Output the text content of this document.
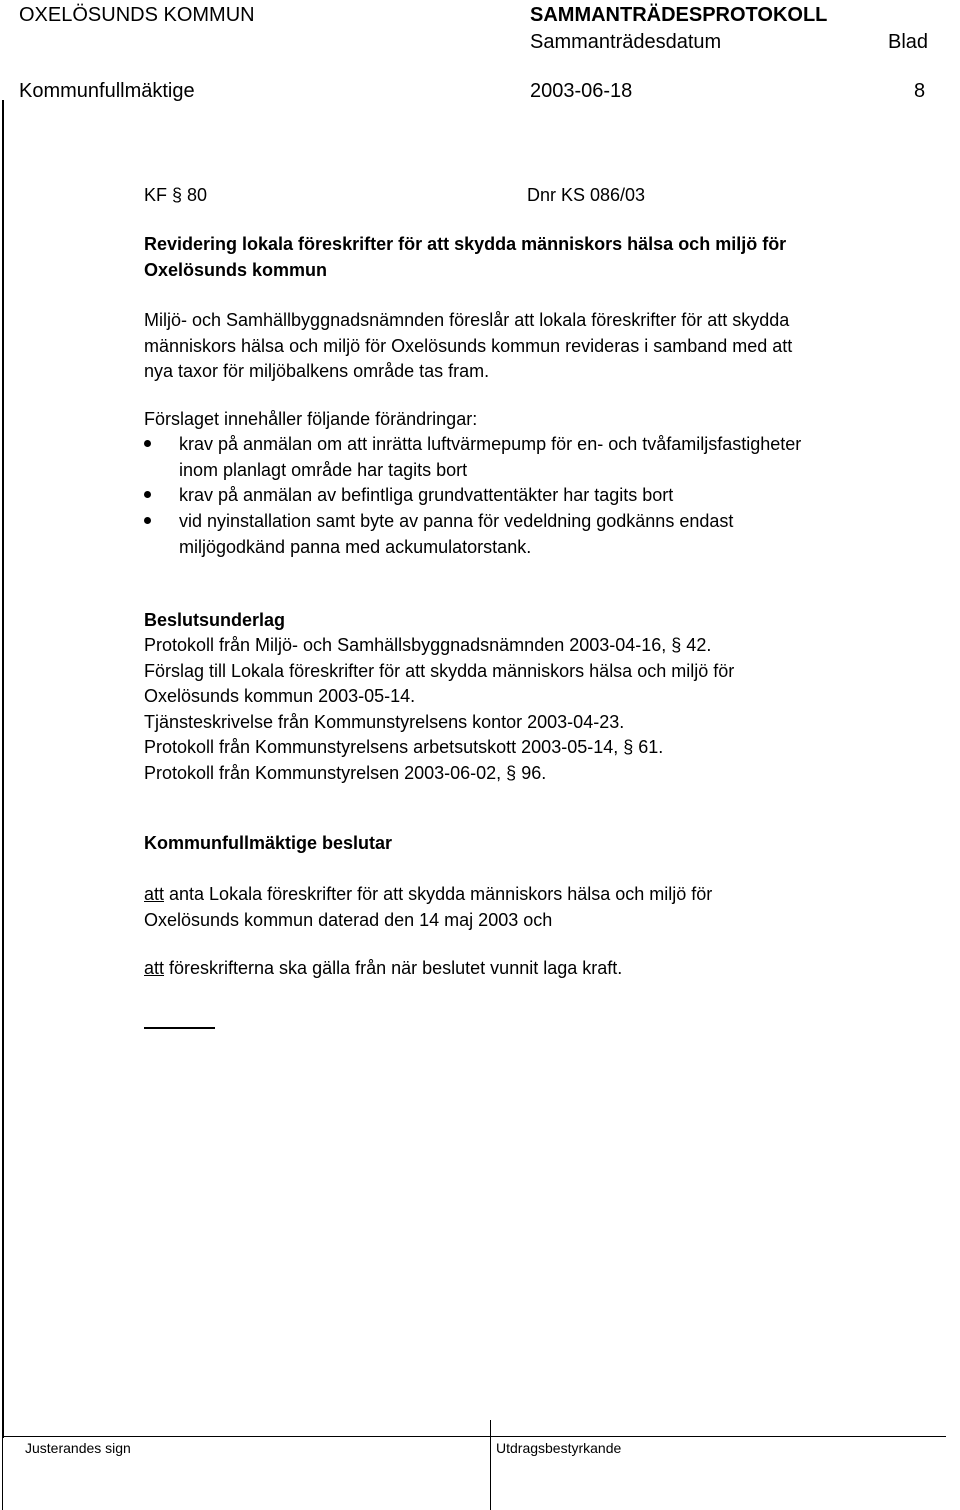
OXELÖSUNDS KOMMUN	SAMMANTRÄDESPROTOKOLL
Sammanträdesdatum	Blad
Kommunfullmäktige	2003-06-18	8
KF § 80	Dnr KS 086/03
Revidering lokala föreskrifter för att skydda människors hälsa och miljö för
Oxelösunds kommun
Miljö- och Samhällbyggnadsnämnden föreslår att lokala föreskrifter för att skydda
människors hälsa och miljö för Oxelösunds kommun revideras i samband med att
nya taxor för miljöbalkens område tas fram.
Förslaget innehåller följande förändringar:
krav på anmälan om att inrätta luftvärmepump för en- och tvåfamiljsfastigheter
inom planlagt område har tagits bort
krav på anmälan av befintliga grundvattentäkter har tagits bort
vid nyinstallation samt byte av panna för vedeldning godkänns endast
miljögodkänd panna med ackumulatorstank.
Beslutsunderlag
Protokoll från Miljö- och Samhällsbyggnadsnämnden 2003-04-16, § 42.
Förslag till Lokala föreskrifter för att skydda människors hälsa och miljö för
Oxelösunds kommun 2003-05-14.
Tjänsteskrivelse från Kommunstyrelsens kontor 2003-04-23.
Protokoll från Kommunstyrelsens arbetsutskott 2003-05-14, § 61.
Protokoll från Kommunstyrelsen 2003-06-02, § 96.
Kommunfullmäktige beslutar
att anta Lokala föreskrifter för att skydda människors hälsa och miljö för
Oxelösunds kommun daterad den 14 maj 2003 och
att föreskrifterna ska gälla från när beslutet vunnit laga kraft.
Justerandes sign	Utdragsbestyrkande
